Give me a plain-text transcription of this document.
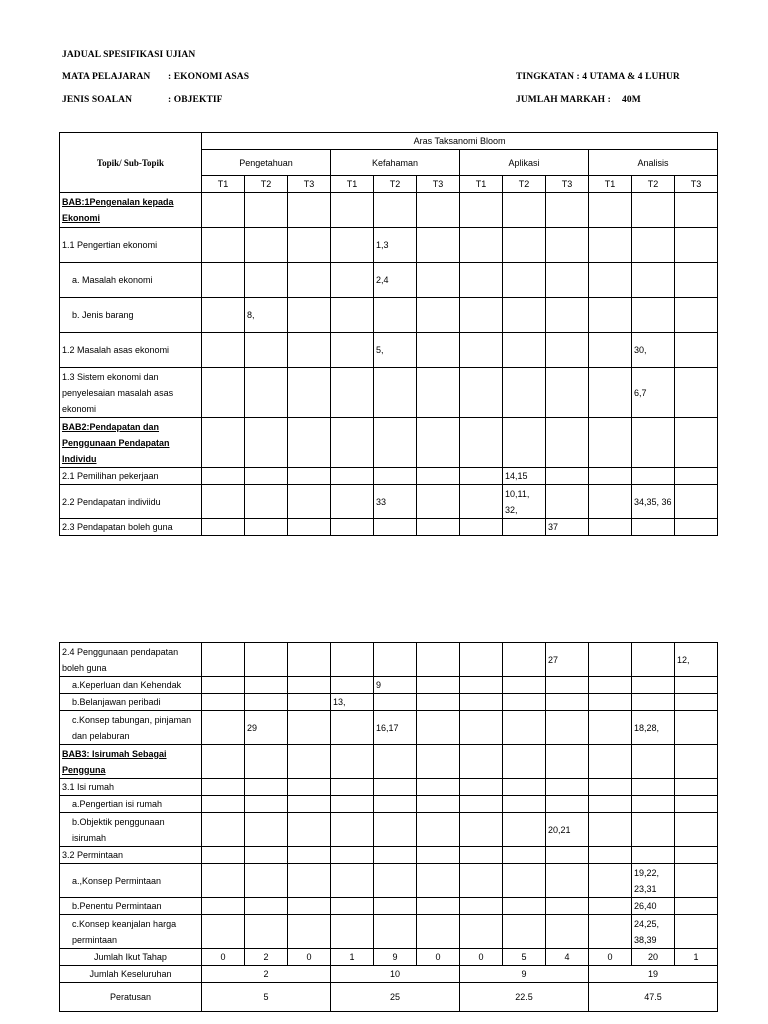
JADUAL SPESIFIKASI UJIAN
MATA PELAJARAN : EKONOMI ASAS	TINGKATAN : 4 UTAMA & 4 LUHUR
JENIS SOALAN	: OBJEKTIF	JUMLAH MARKAH : 40M
Topik/ Sub-Topik	Aras Taksanomi Bloom											
	Pengetahuan			Kefahaman			Aplikasi			Analisis		
	T1	T2	T3	T1	T2	T3	T1	T2	T3	T1	T2	T3
BAB:1Pengenalan kepada Ekonomi												
1.1 Pengertian ekonomi					1,3							
a. Masalah ekonomi					2,4							
b. Jenis barang		8,										
1.2 Masalah asas ekonomi					5,						30,	
1.3 Sistem ekonomi dan penyelesaian masalah asas ekonomi											6,7	
BAB2:Pendapatan dan Penggunaan Pendapatan Individu												
2.1 Pemilihan pekerjaan								14,15				
2.2 Pendapatan indiviidu					33			10,11, 32,			34,35, 36	
2.3 Pendapatan boleh guna									37			
2.4 Penggunaan pendapatan boleh guna									27			12,
a.Keperluan dan Kehendak					9							
b.Belanjawan peribadi				13,								
c.Konsep tabungan, pinjaman dan pelaburan		29			16,17						18,28,	
BAB3: Isirumah Sebagai Pengguna												
3.1 Isi rumah												
a.Pengertian isi rumah												
b.Objektik penggunaan isirumah									20,21			
3.2 Permintaan												
a.,Konsep Permintaan											19,22, 23,31	
b.Penentu Permintaan											26,40	
c.Konsep keanjalan harga permintaan											24,25, 38,39	
Jumlah Ikut Tahap	0	2	0	1	9	0	0	5	4	0	20	1
Jumlah Keseluruhan	2			10			9			19		
Peratusan	5			25			22.5			47.5		
